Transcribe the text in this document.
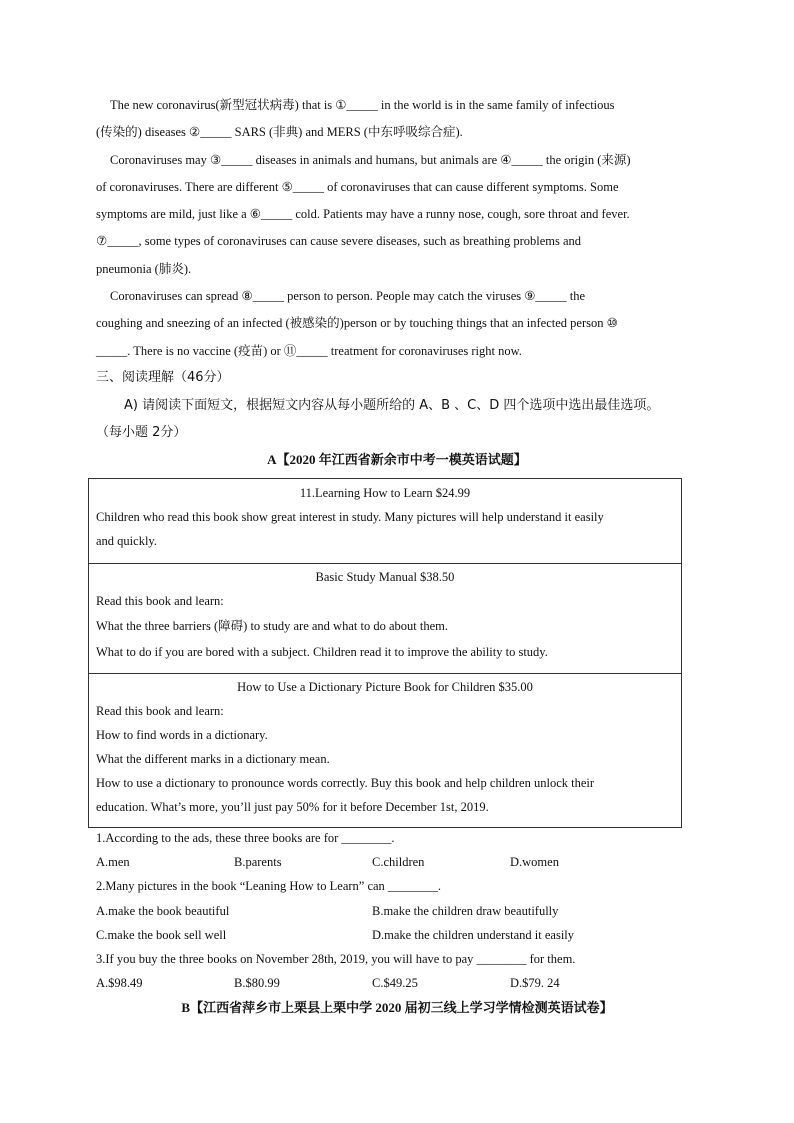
The new coronavirus(新型冠状病毒) that is ①_____ in the world is in the same family of infectious
(传染的) diseases ②_____ SARS (非典) and MERS (中东呼吸综合症).
Coronaviruses may ③_____ diseases in animals and humans, but animals are ④_____ the origin (来源)
of coronaviruses. There are different ⑤_____ of coronaviruses that can cause different symptoms. Some
symptoms are mild, just like a ⑥_____ cold. Patients may have a runny nose, cough, sore throat and fever.
⑦_____, some types of coronaviruses can cause severe diseases, such as breathing problems and
pneumonia (肺炎).
Coronaviruses can spread ⑧_____ person to person. People may catch the viruses ⑨_____ the
coughing and sneezing of an infected (被感染的)person or by touching things that an infected person ⑩
_____. There is no vaccine (疫苗) or ⑪_____ treatment for coronaviruses right now.
三、阅读理解（46分）
A) 请阅读下面短文，根据短文内容从每小题所给的 A、B 、C、D 四个选项中选出最佳选项。
（每小题 2分）
A【2020 年江西省新余市中考一模英语试题】
11.Learning How to Learn $24.99
Children who read this book show great interest in study. Many pictures will help understand it easily
and quickly.
Basic Study Manual $38.50
Read this book and learn:
What the three barriers (障碍) to study are and what to do about them.
What to do if you are bored with a subject. Children read it to improve the ability to study.
How to Use a Dictionary Picture Book for Children $35.00
Read this book and learn:
How to find words in a dictionary.
What the different marks in a dictionary mean.
How to use a dictionary to pronounce words correctly. Buy this book and help children unlock their
education. What’s more, you’ll just pay 50% for it before December 1st, 2019.
1.According to the ads, these three books are for ________.
A.men	B.parents	C.children	D.women
2.Many pictures in the book “Leaning How to Learn” can ________.
A.make the book beautiful	B.make the children draw beautifully
C.make the book sell well	D.make the children understand it easily
3.If you buy the three books on November 28th, 2019, you will have to pay ________ for them.
A.$98.49	B.$80.99	C.$49.25	D.$79. 24
B【江西省萍乡市上栗县上栗中学 2020 届初三线上学习学情检测英语试卷】
